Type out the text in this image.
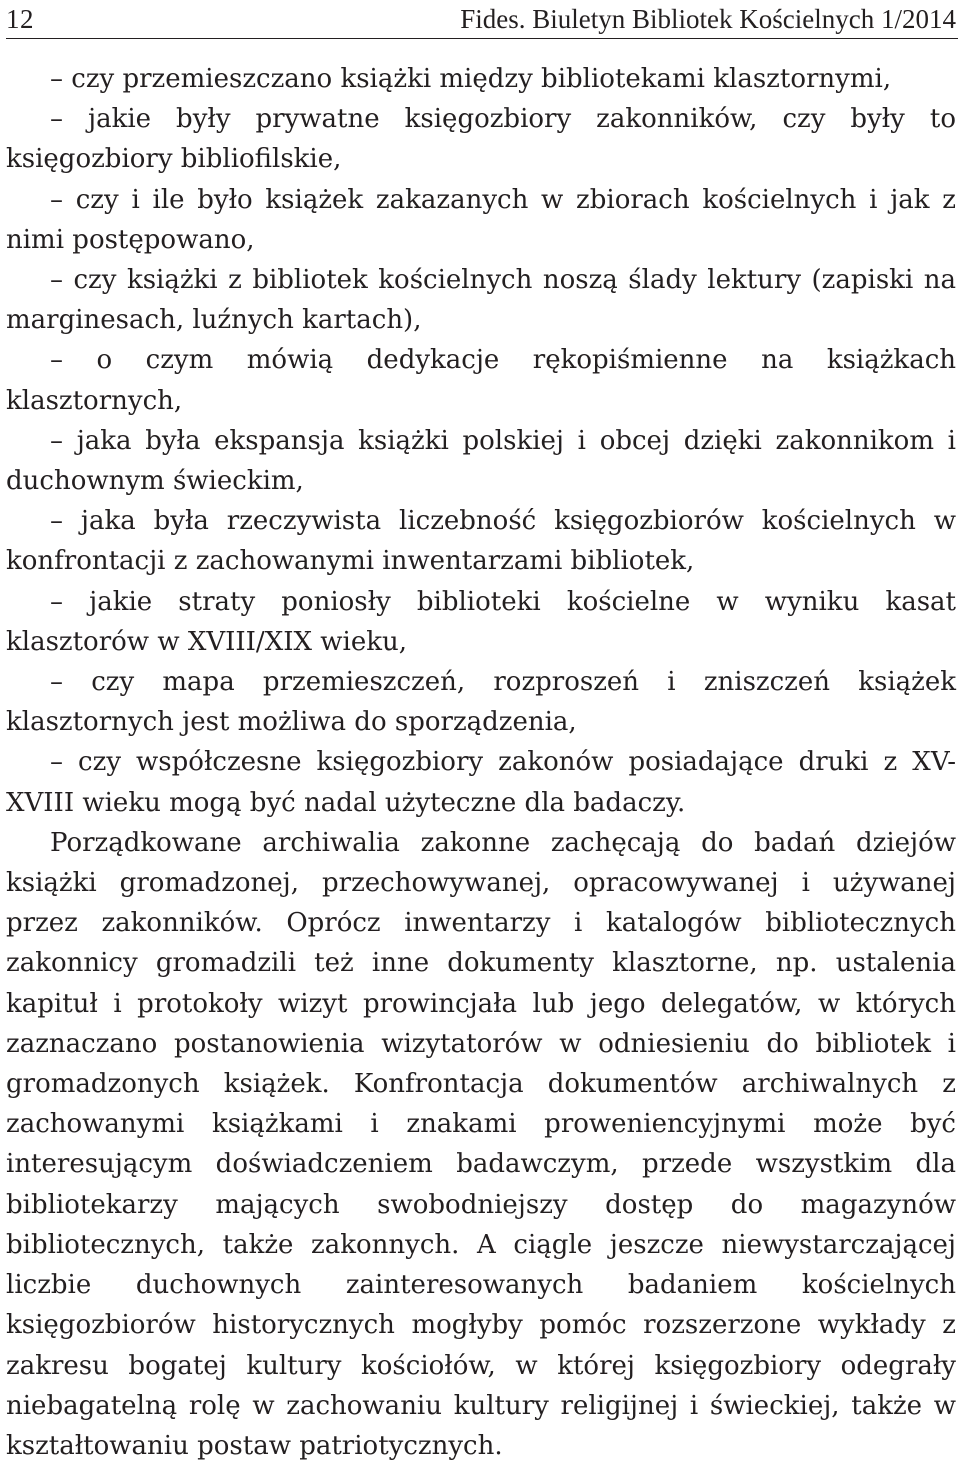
12	Fides. Biuletyn Bibliotek Kościelnych 1/2014

– czy przemieszczano książki między bibliotekami klasztornymi,

– jakie były prywatne księgozbiory zakonników, czy były to księgozbiory bibliofilskie,

– czy i ile było książek zakazanych w zbiorach kościelnych i jak z nimi postępowano,

– czy książki z bibliotek kościelnych noszą ślady lektury (zapiski na marginesach, luźnych kartach),

– o czym mówią dedykacje rękopiśmienne na książkach klasztornych,

– jaka była ekspansja książki polskiej i obcej dzięki zakonnikom i duchownym świeckim,

– jaka była rzeczywista liczebność księgozbiorów kościelnych w konfrontacji z zachowanymi inwentarzami bibliotek,

– jakie straty poniosły biblioteki kościelne w wyniku kasat klasztorów w XVIII/XIX wieku,

– czy mapa przemieszczeń, rozproszeń i zniszczeń książek klasztornych jest możliwa do sporządzenia,

– czy współczesne księgozbiory zakonów posiadające druki z XV-XVIII wieku mogą być nadal użyteczne dla badaczy.

Porządkowane archiwalia zakonne zachęcają do badań dziejów książki gromadzonej, przechowywanej, opracowywanej i używanej przez zakonników. Oprócz inwentarzy i katalogów bibliotecznych zakonnicy gromadzili też inne dokumenty klasztorne, np. ustalenia kapituł i protokoły wizyt prowincjała lub jego delegatów, w których zaznaczano postanowienia wizytatorów w odniesieniu do bibliotek i gromadzonych książek. Konfrontacja dokumentów archiwalnych z zachowanymi książkami i znakami proweniencyjnymi może być interesującym doświadczeniem badawczym, przede wszystkim dla bibliotekarzy mających swobodniejszy dostęp do magazynów bibliotecznych, także zakonnych. A ciągle jeszcze niewystarczającej liczbie duchownych zainteresowanych badaniem kościelnych księgozbiorów historycznych mogłyby pomóc rozszerzone wykłady z zakresu bogatej kultury kościołów, w której księgozbiory odegrały niebagatelną rolę w zachowaniu kultury religijnej i świeckiej, także w kształtowaniu postaw patriotycznych.
